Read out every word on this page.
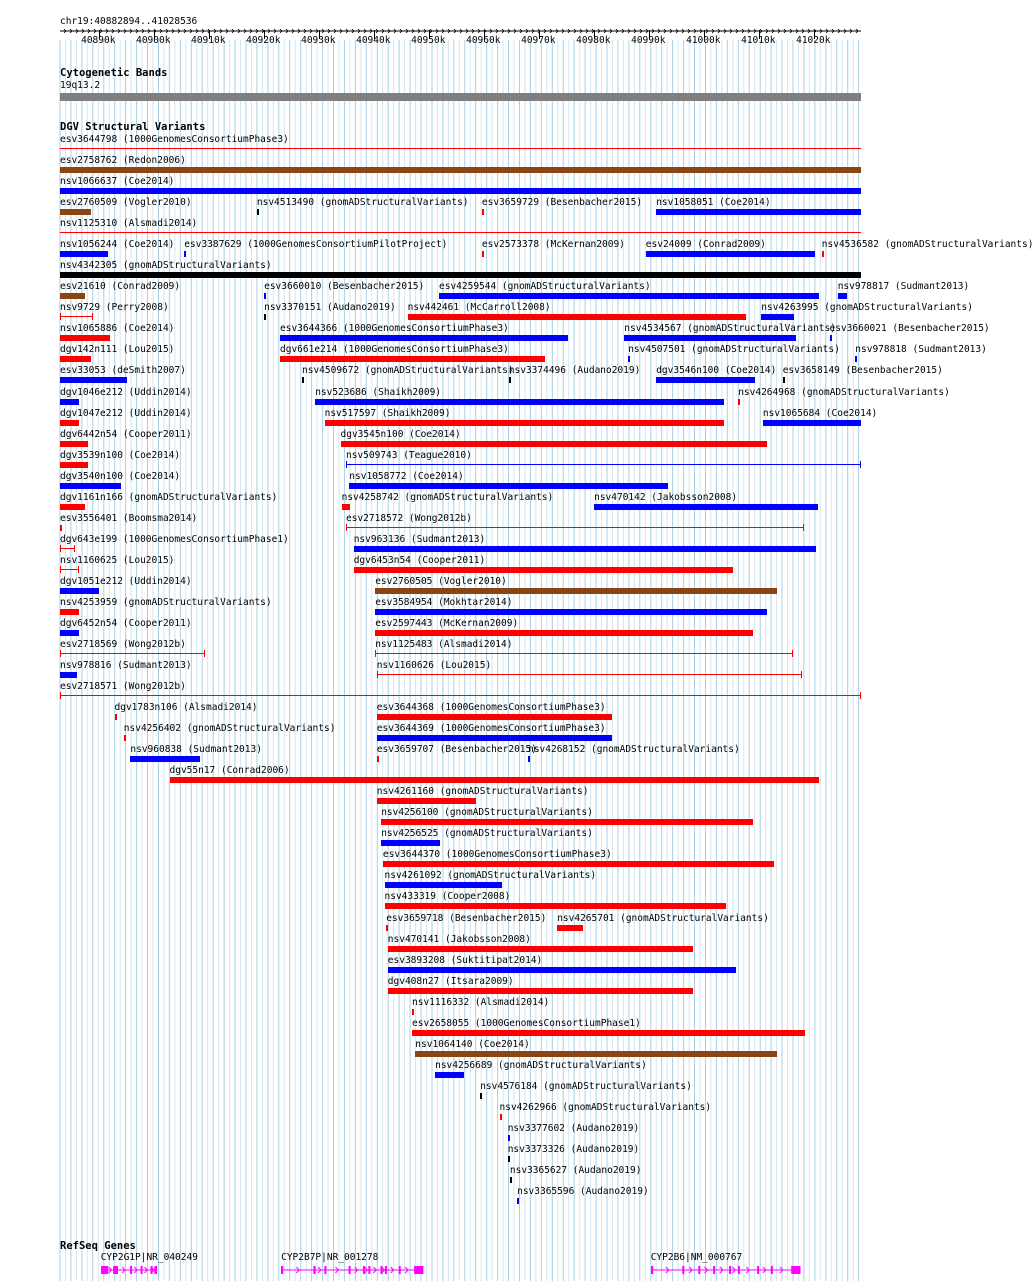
chr19:40882894..41028536
40890k 40900k 40910k 40920k 40930k 40940k 40950k 40960k 40970k 40980k 40990k 41000k 41010k 41020k
Cytogenetic Bands
19q13.2
DGV Structural Variants
esv3644798 (1000GenomesConsortiumPhase3)
esv2758762 (Redon2006)
nsv1066637 (Coe2014)
esv2760509 (Vogler2010)	nsv4513490 (gnomADStructuralVariants) esv3659729 (Besenbacher2015) nsv1058051 (Coe2014)
nsv1125310 (Alsmadi2014)
nsv1056244 (Coe2014) esv3387629 (1000GenomesConsortiumPilotProject)	esv2573378 (McKernan2009) esv24009 (Conrad2009)	nsv4536582 (gnomADStructuralVariants)
nsv4342305 (gnomADStructuralVariants)
esv21610 (Conrad2009)	esv3660010 (Besenbacher2015) esv4259544 (gnomADStructuralVariants)	nsv978817 (Sudmant2013)
nsv9729 (Perry2008)	nsv3370151 (Audano2019) nsv442461 (McCarroll2008)	nsv4263995 (gnomADStructuralVariants)
nsv1065886 (Coe2014)	esv3644366 (1000GenomesConsortiumPhase3)	nsv4534567 (gnomADStructuralVariants)
esv3660021 (Besenbacher2015)
dgv142n111 (Lou2015)	dgv661e214 (1000GenomesConsortiumPhase3)	nsv4507501 (gnomADStructuralVariants) nsv978818 (Sudmant2013)
esv33053 (deSmith2007)	nsv4509672 (gnomADStructuralVariants)
nsv3374496 (Audano2019) dgv3546n100 (Coe2014) esv3658149 (Besenbacher2015)
dgv1046e212 (Uddin2014)	nsv523686 (Shaikh2009)	nsv4264968 (gnomADStructuralVariants)
dgv1047e212 (Uddin2014)	nsv517597 (Shaikh2009)	nsv1065684 (Coe2014)
dgv6442n54 (Cooper2011)	dgv3545n100 (Coe2014)
dgv3539n100 (Coe2014)	nsv509743 (Teague2010)
dgv3540n100 (Coe2014)	nsv1058772 (Coe2014)
dgv1161n166 (gnomADStructuralVariants)	nsv4258742 (gnomADStructuralVariants)	nsv470142 (Jakobsson2008)
esv3556401 (Boomsma2014)	esv2718572 (Wong2012b)
dgv643e199 (1000GenomesConsortiumPhase1)	nsv963136 (Sudmant2013)
nsv1160625 (Lou2015)	dgv6453n54 (Cooper2011)
dgv1051e212 (Uddin2014)	esv2760505 (Vogler2010)
nsv4253959 (gnomADStructuralVariants)	esv3584954 (Mokhtar2014)
dgv6452n54 (Cooper2011)	esv2597443 (McKernan2009)
esv2718569 (Wong2012b)	nsv1125483 (Alsmadi2014)
nsv978816 (Sudmant2013)	nsv1160626 (Lou2015)
esv2718571 (Wong2012b)
dgv1783n106 (Alsmadi2014)	esv3644368 (1000GenomesConsortiumPhase3)
nsv4256402 (gnomADStructuralVariants)	esv3644369 (1000GenomesConsortiumPhase3)
nsv960838 (Sudmant2013)	esv3659707 (Besenbacher2015)
nsv4268152 (gnomADStructuralVariants)
dgv55n17 (Conrad2006)
nsv4261160 (gnomADStructuralVariants)
nsv4256100 (gnomADStructuralVariants)
nsv4256525 (gnomADStructuralVariants)
esv3644370 (1000GenomesConsortiumPhase3)
nsv4261092 (gnomADStructuralVariants)
nsv433319 (Cooper2008)
esv3659718 (Besenbacher2015) nsv4265701 (gnomADStructuralVariants)
nsv470141 (Jakobsson2008)
esv3893208 (Suktitipat2014)
dgv408n27 (Itsara2009)
nsv1116332 (Alsmadi2014)
esv2658055 (1000GenomesConsortiumPhase1)
nsv1064140 (Coe2014)
nsv4256689 (gnomADStructuralVariants)
nsv4576184 (gnomADStructuralVariants)
nsv4262966 (gnomADStructuralVariants)
nsv3377602 (Audano2019)
nsv3373326 (Audano2019)
nsv3365627 (Audano2019)
nsv3365596 (Audano2019)
RefSeq Genes
CYP2G1P|NR_040249	CYP2B7P|NR_001278	CYP2B6|NM_000767
